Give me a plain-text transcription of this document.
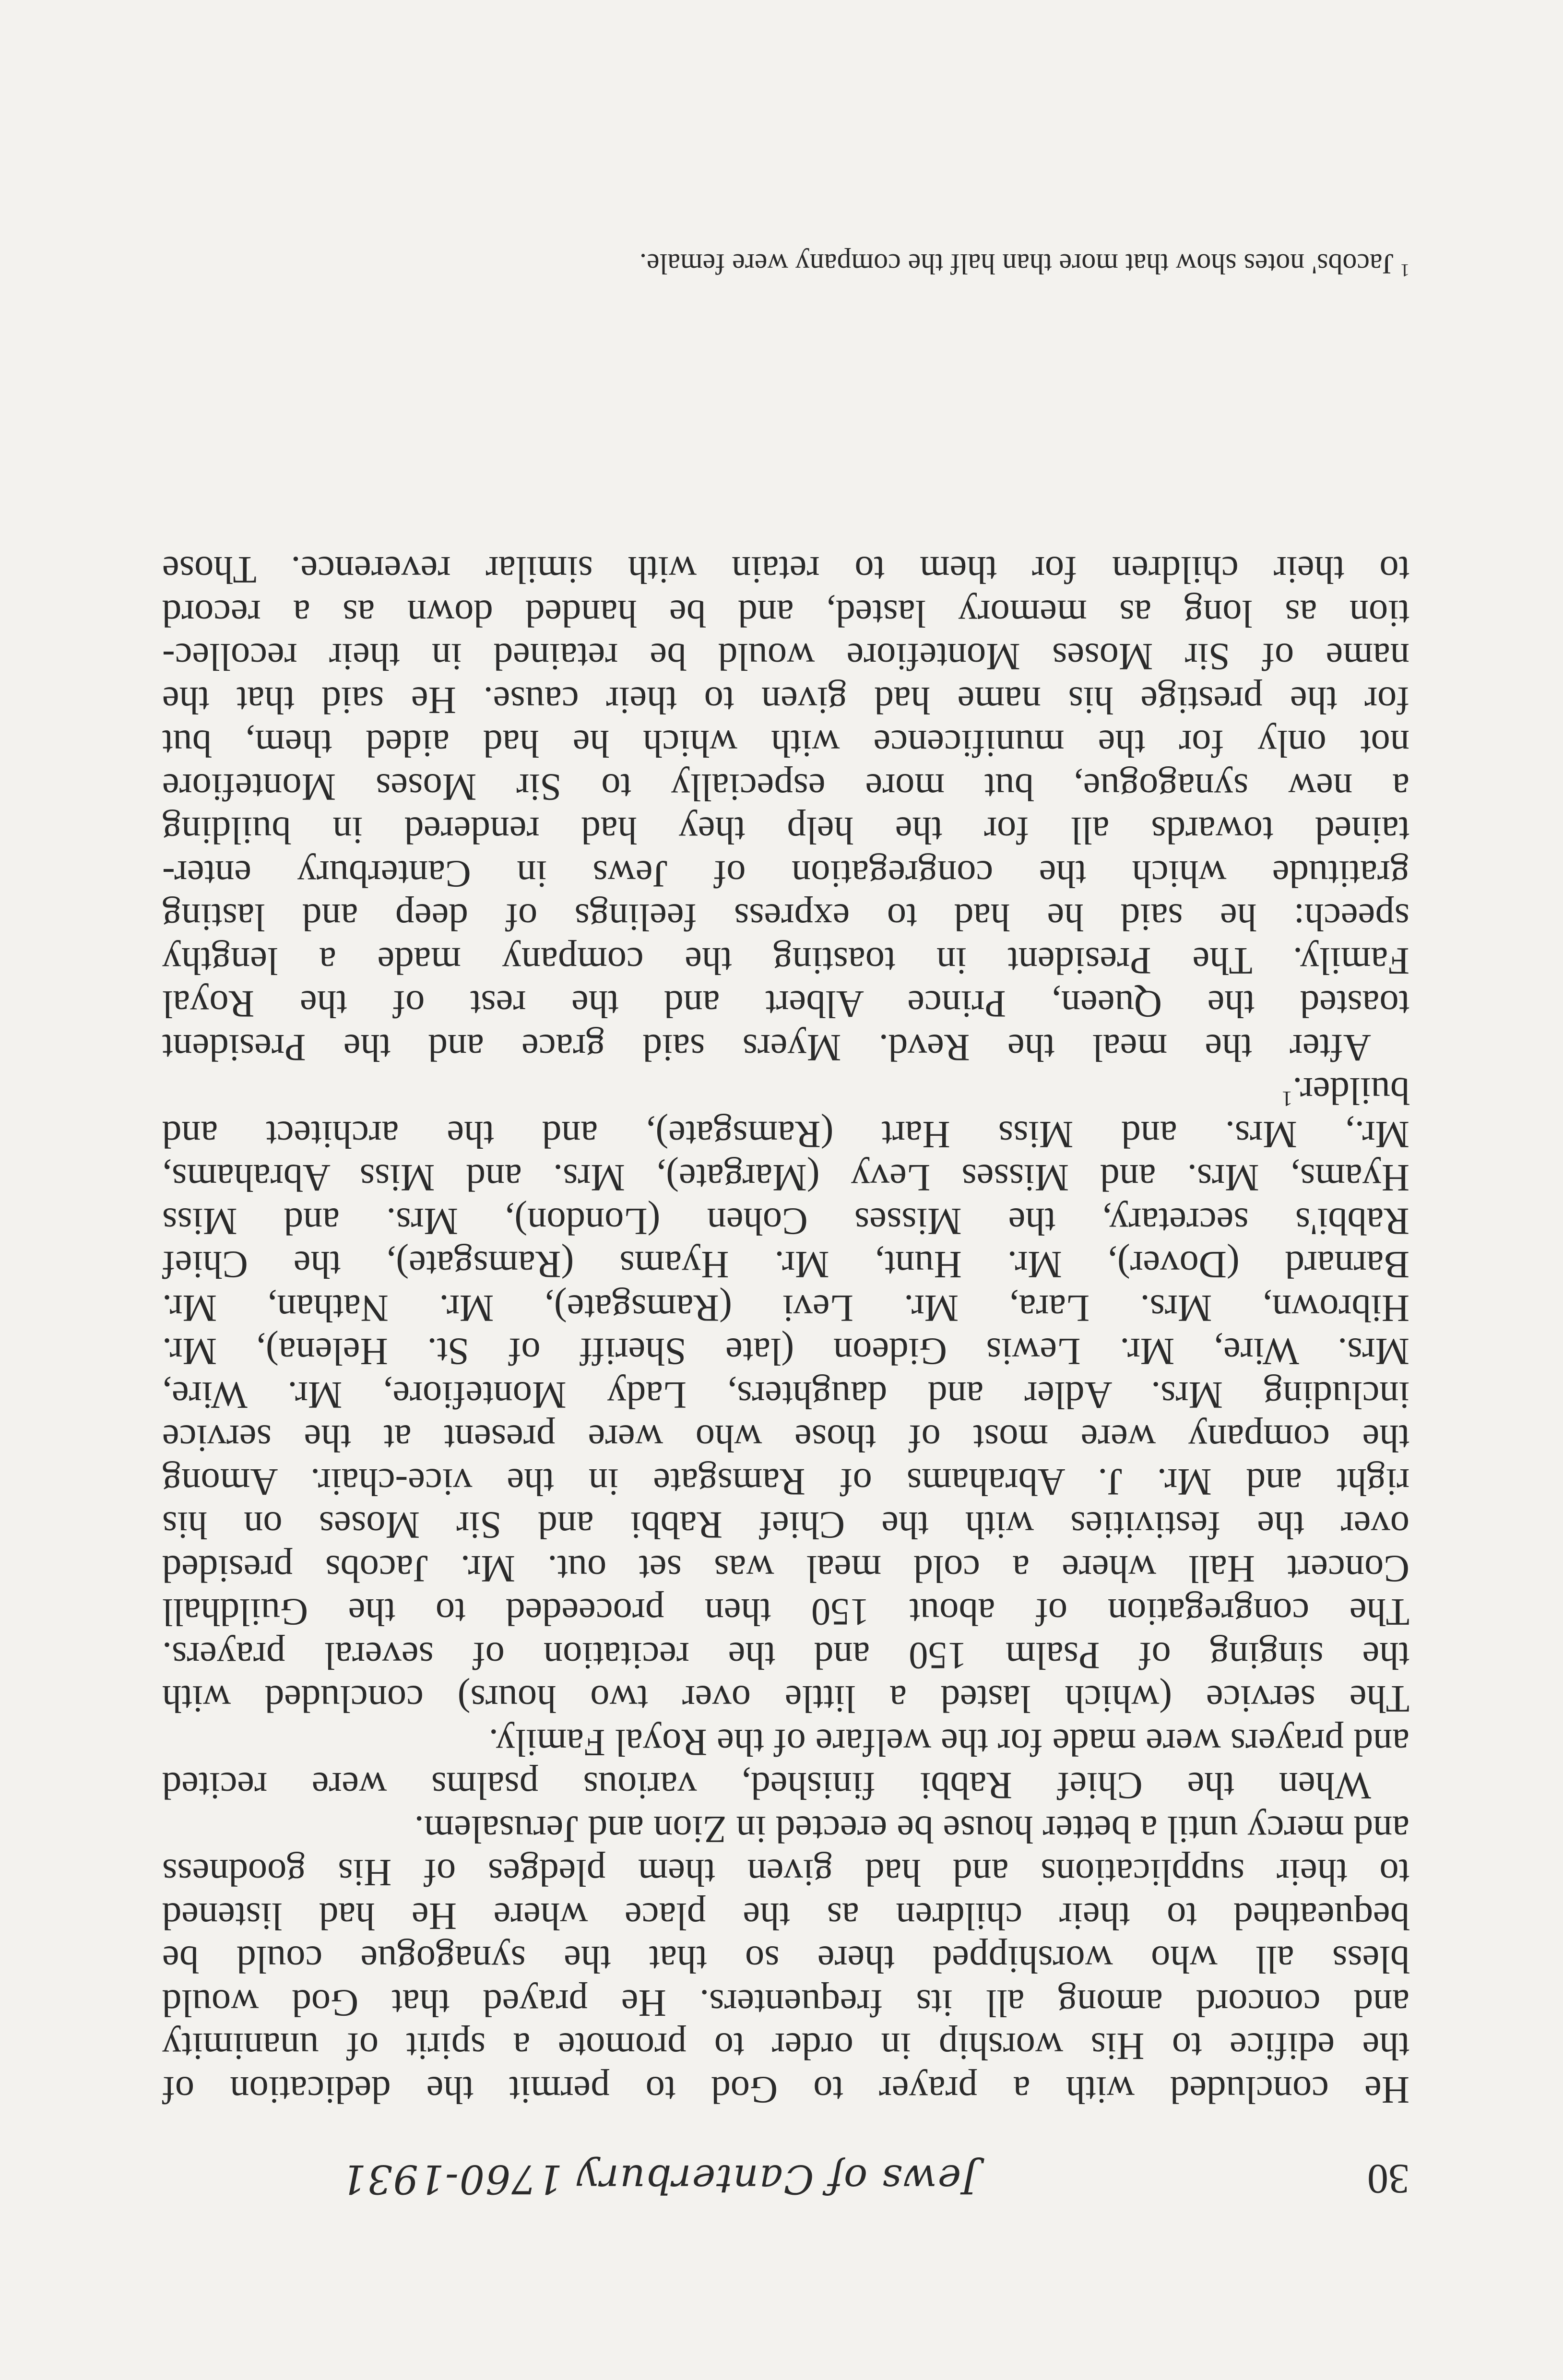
30
Jews of Canterbury 1760-1931
He concluded with a prayer to God to permit the dedication of
the edifice to His worship in order to promote a spirit of unanimity
and concord among all its frequenters. He prayed that God would
bless all who worshipped there so that the synagogue could be
bequeathed to their children as the place where He had listened
to their supplications and had given them pledges of His goodness
and mercy until a better house be erected in Zion and Jerusalem.
When the Chief Rabbi finished, various psalms were recited
and prayers were made for the welfare of the Royal Family.
The service (which lasted a little over two hours) concluded with
the singing of Psalm 150 and the recitation of several prayers.
The congregation of about 150 then proceeded to the Guildhall
Concert Hall where a cold meal was set out. Mr. Jacobs presided
over the festivities with the Chief Rabbi and Sir Moses on his
right and Mr. J. Abrahams of Ramsgate in the vice-chair. Among
the company were most of those who were present at the service
including Mrs. Adler and daughters, Lady Montefiore, Mr. Wire,
Mrs. Wire, Mr. Lewis Gideon (late Sheriff of St. Helena), Mr.
Hibrown, Mrs. Lara, Mr. Levi (Ramsgate), Mr. Nathan, Mr.
Barnard (Dover), Mr. Hunt, Mr. Hyams (Ramsgate), the Chief
Rabbi's secretary, the Misses Cohen (London), Mrs. and Miss
Hyams, Mrs. and Misses Levy (Margate), Mrs. and Miss Abrahams,
Mr., Mrs. and Miss Hart (Ramsgate), and the architect and
builder.$^1$
After the meal the Revd. Myers said grace and the President
toasted the Queen, Prince Albert and the rest of the Royal
Family. The President in toasting the company made a lengthy
speech: he said he had to express feelings of deep and lasting
gratitude which the congregation of Jews in Canterbury enter-
tained towards all for the help they had rendered in building
a new synagogue, but more especially to Sir Moses Montefiore
not only for the munificence with which he had aided them, but
for the prestige his name had given to their cause. He said that the
name of Sir Moses Montefiore would be retained in their recollec-
tion as long as memory lasted, and be handed down as a record
to their children for them to retain with similar reverence. Those
$^1$Jacobs' notes show that more than half the company were female.
